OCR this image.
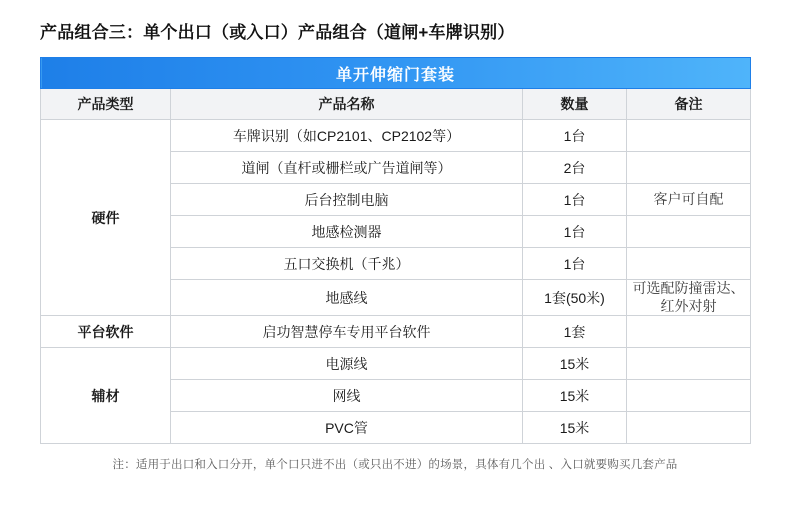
产品组合三：单个出口（或入口）产品组合（道闸+车牌识别）
单开伸缩门套装			
产品类型	产品名称	数量	备注
硬件	车牌识别（如CP2101、CP2102等）	1台	
	道闸（直杆或栅栏或广告道闸等）	2台	
	后台控制电脑	1台	客户可自配
	地感检测器	1台	
	五口交换机（千兆）	1台	
	地感线	1套(50米)	可选配防撞雷达、红外对射
平台软件	启功智慧停车专用平台软件	1套	
辅材	电源线	15米	
	网线	15米	
	PVC管	15米	
注：适用于出口和入口分开，单个口只进不出（或只出不进）的场景，具体有几个出 、入口就要购买几套产品
